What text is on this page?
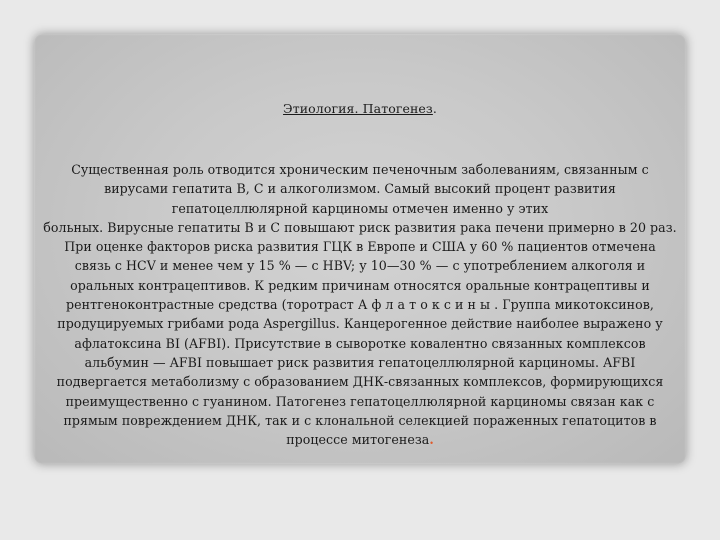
Этиология. Патогенез.
Существенная роль отводится хроническим печеночным заболеваниям, связанным с
вирусами гепатита В, С и алкоголизмом. Самый высокий процент развития
гепатоцеллюлярной карциномы отмечен именно у этих
больных. Вирусные гепатиты В и С повышают риск развития рака печени примерно в 20 раз.
При оценке факторов риска развития ГЦК в Европе и США у 60 % пациентов отмечена
связь с HCV и менее чем у 15 % — с HBV; у 10—30 % — с употреблением алкоголя и
оральных контрацептивов. К редким причинам относятся оральные контрацептивы и
рентгеноконтрастные средства (торотраст А ф л а т о к с и н ы . Группа микотоксинов,
продуцируемых грибами рода Aspergillus. Канцерогенное действие наиболее выражено у
афлатоксина BI (AFBI). Присутствие в сыворотке ковалентно связанных комплексов
альбумин — AFBI повышает риск развития гепатоцеллюлярной карциномы. AFBI
подвергается метаболизму с образованием ДНК-связанных комплексов, формирующихся
преимущественно с гуанином. Патогенез гепатоцеллюлярной карциномы связан как с
прямым повреждением ДНК, так и с клональной селекцией пораженных гепатоцитов в
процессе митогенеза.
